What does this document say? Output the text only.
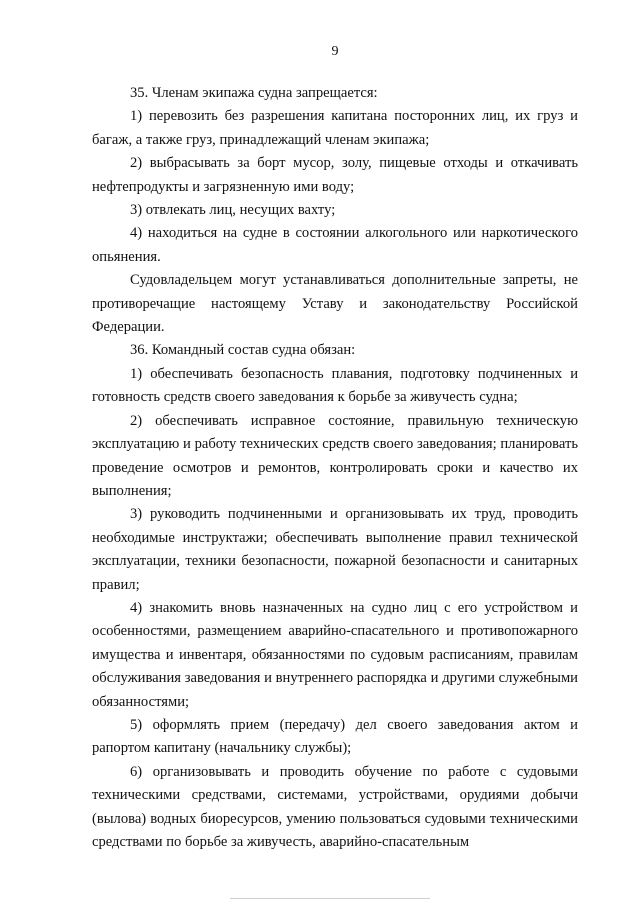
9

35. Членам экипажа судна запрещается:

1) перевозить без разрешения капитана посторонних лиц, их груз и багаж, а также груз, принадлежащий членам экипажа;

2) выбрасывать за борт мусор, золу, пищевые отходы и откачивать нефтепродукты и загрязненную ими воду;

3) отвлекать лиц, несущих вахту;

4) находиться на судне в состоянии алкогольного или наркотического опьянения.

Судовладельцем могут устанавливаться дополнительные запреты, не противоречащие настоящему Уставу и законодательству Российской Федерации.

36. Командный состав судна обязан:

1) обеспечивать безопасность плавания, подготовку подчиненных и готовность средств своего заведования к борьбе за живучесть судна;

2) обеспечивать исправное состояние, правильную техническую эксплуатацию и работу технических средств своего заведования; планировать проведение осмотров и ремонтов, контролировать сроки и качество их выполнения;

3) руководить подчиненными и организовывать их труд, проводить необходимые инструктажи; обеспечивать выполнение правил технической эксплуатации, техники безопасности, пожарной безопасности и санитарных правил;

4) знакомить вновь назначенных на судно лиц с его устройством и особенностями, размещением аварийно-спасательного и противопожарного имущества и инвентаря, обязанностями по судовым расписаниям, правилам обслуживания заведования и внутреннего распорядка и другими служебными обязанностями;

5) оформлять прием (передачу) дел своего заведования актом и рапортом капитану (начальнику службы);

6) организовывать и проводить обучение по работе с судовыми техническими средствами, системами, устройствами, орудиями добычи (вылова) водных биоресурсов, умению пользоваться судовыми техническими средствами по борьбе за живучесть, аварийно-спасательным
